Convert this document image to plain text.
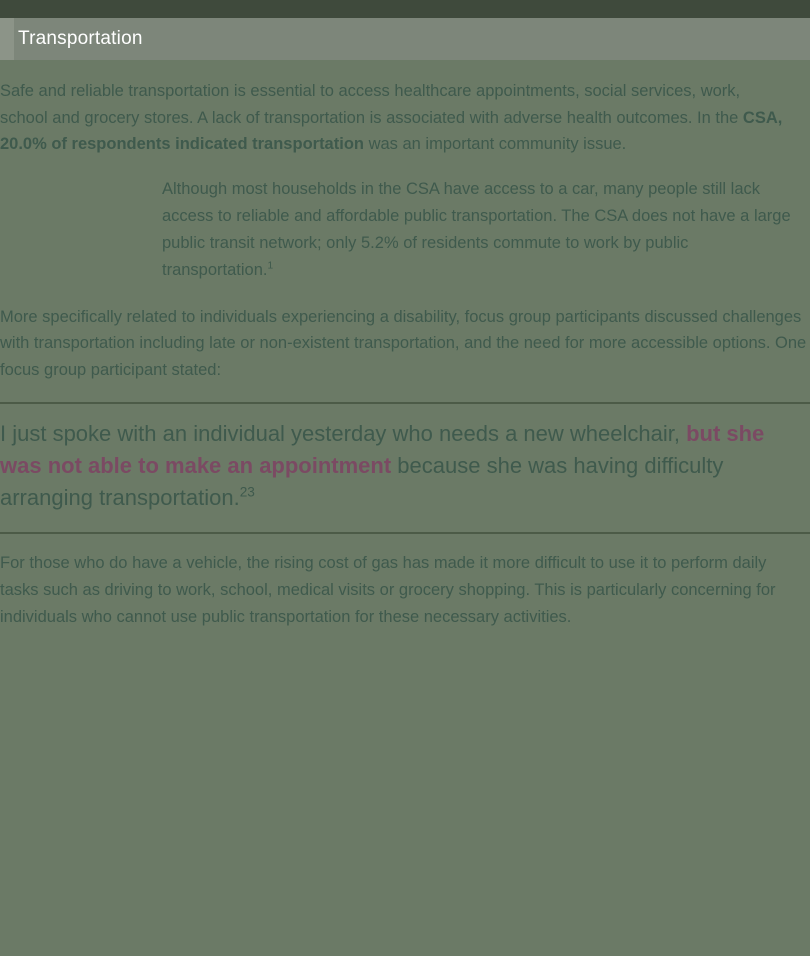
Transportation

Safe and reliable transportation is essential to access healthcare appointments, social services, work, school and grocery stores. A lack of transportation is associated with adverse health outcomes. In the CSA, 20.0% of respondents indicated transportation was an important community issue.

Although most households in the CSA have access to a car, many people still lack access to reliable and affordable public transportation. The CSA does not have a large public transit network; only 5.2% of residents commute to work by public transportation.$^1$

More specifically related to individuals experiencing a disability, focus group participants discussed challenges with transportation including late or non-existent transportation, and the need for more accessible options. One focus group participant stated:

I just spoke with an individual yesterday who needs a new wheelchair, but she was not able to make an appointment because she was having difficulty arranging transportation.$^{23}$

For those who do have a vehicle, the rising cost of gas has made it more difficult to use it to perform daily tasks such as driving to work, school, medical visits or grocery shopping. This is particularly concerning for individuals who cannot use public transportation for these necessary activities.
